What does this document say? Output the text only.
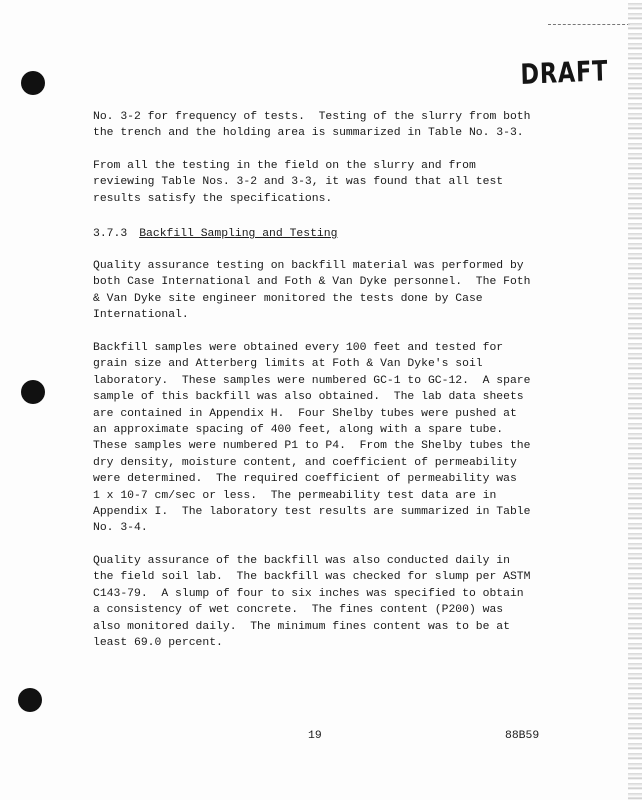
DRAFT
No. 3-2 for frequency of tests.  Testing of the slurry from both
the trench and the holding area is summarized in Table No. 3-3.
From all the testing in the field on the slurry and from
reviewing Table Nos. 3-2 and 3-3, it was found that all test
results satisfy the specifications.
3.7.3 Backfill Sampling and Testing
Quality assurance testing on backfill material was performed by
both Case International and Foth & Van Dyke personnel.  The Foth
& Van Dyke site engineer monitored the tests done by Case
International.
Backfill samples were obtained every 100 feet and tested for
grain size and Atterberg limits at Foth & Van Dyke's soil
laboratory.  These samples were numbered GC-1 to GC-12.  A spare
sample of this backfill was also obtained.  The lab data sheets
are contained in Appendix H.  Four Shelby tubes were pushed at
an approximate spacing of 400 feet, along with a spare tube.
These samples were numbered P1 to P4.  From the Shelby tubes the
dry density, moisture content, and coefficient of permeability
were determined.  The required coefficient of permeability was
1 x 10-7 cm/sec or less.  The permeability test data are in
Appendix I.  The laboratory test results are summarized in Table
No. 3-4.
Quality assurance of the backfill was also conducted daily in
the field soil lab.  The backfill was checked for slump per ASTM
C143-79.  A slump of four to six inches was specified to obtain
a consistency of wet concrete.  The fines content (P200) was
also monitored daily.  The minimum fines content was to be at
least 69.0 percent.
19	88B59
